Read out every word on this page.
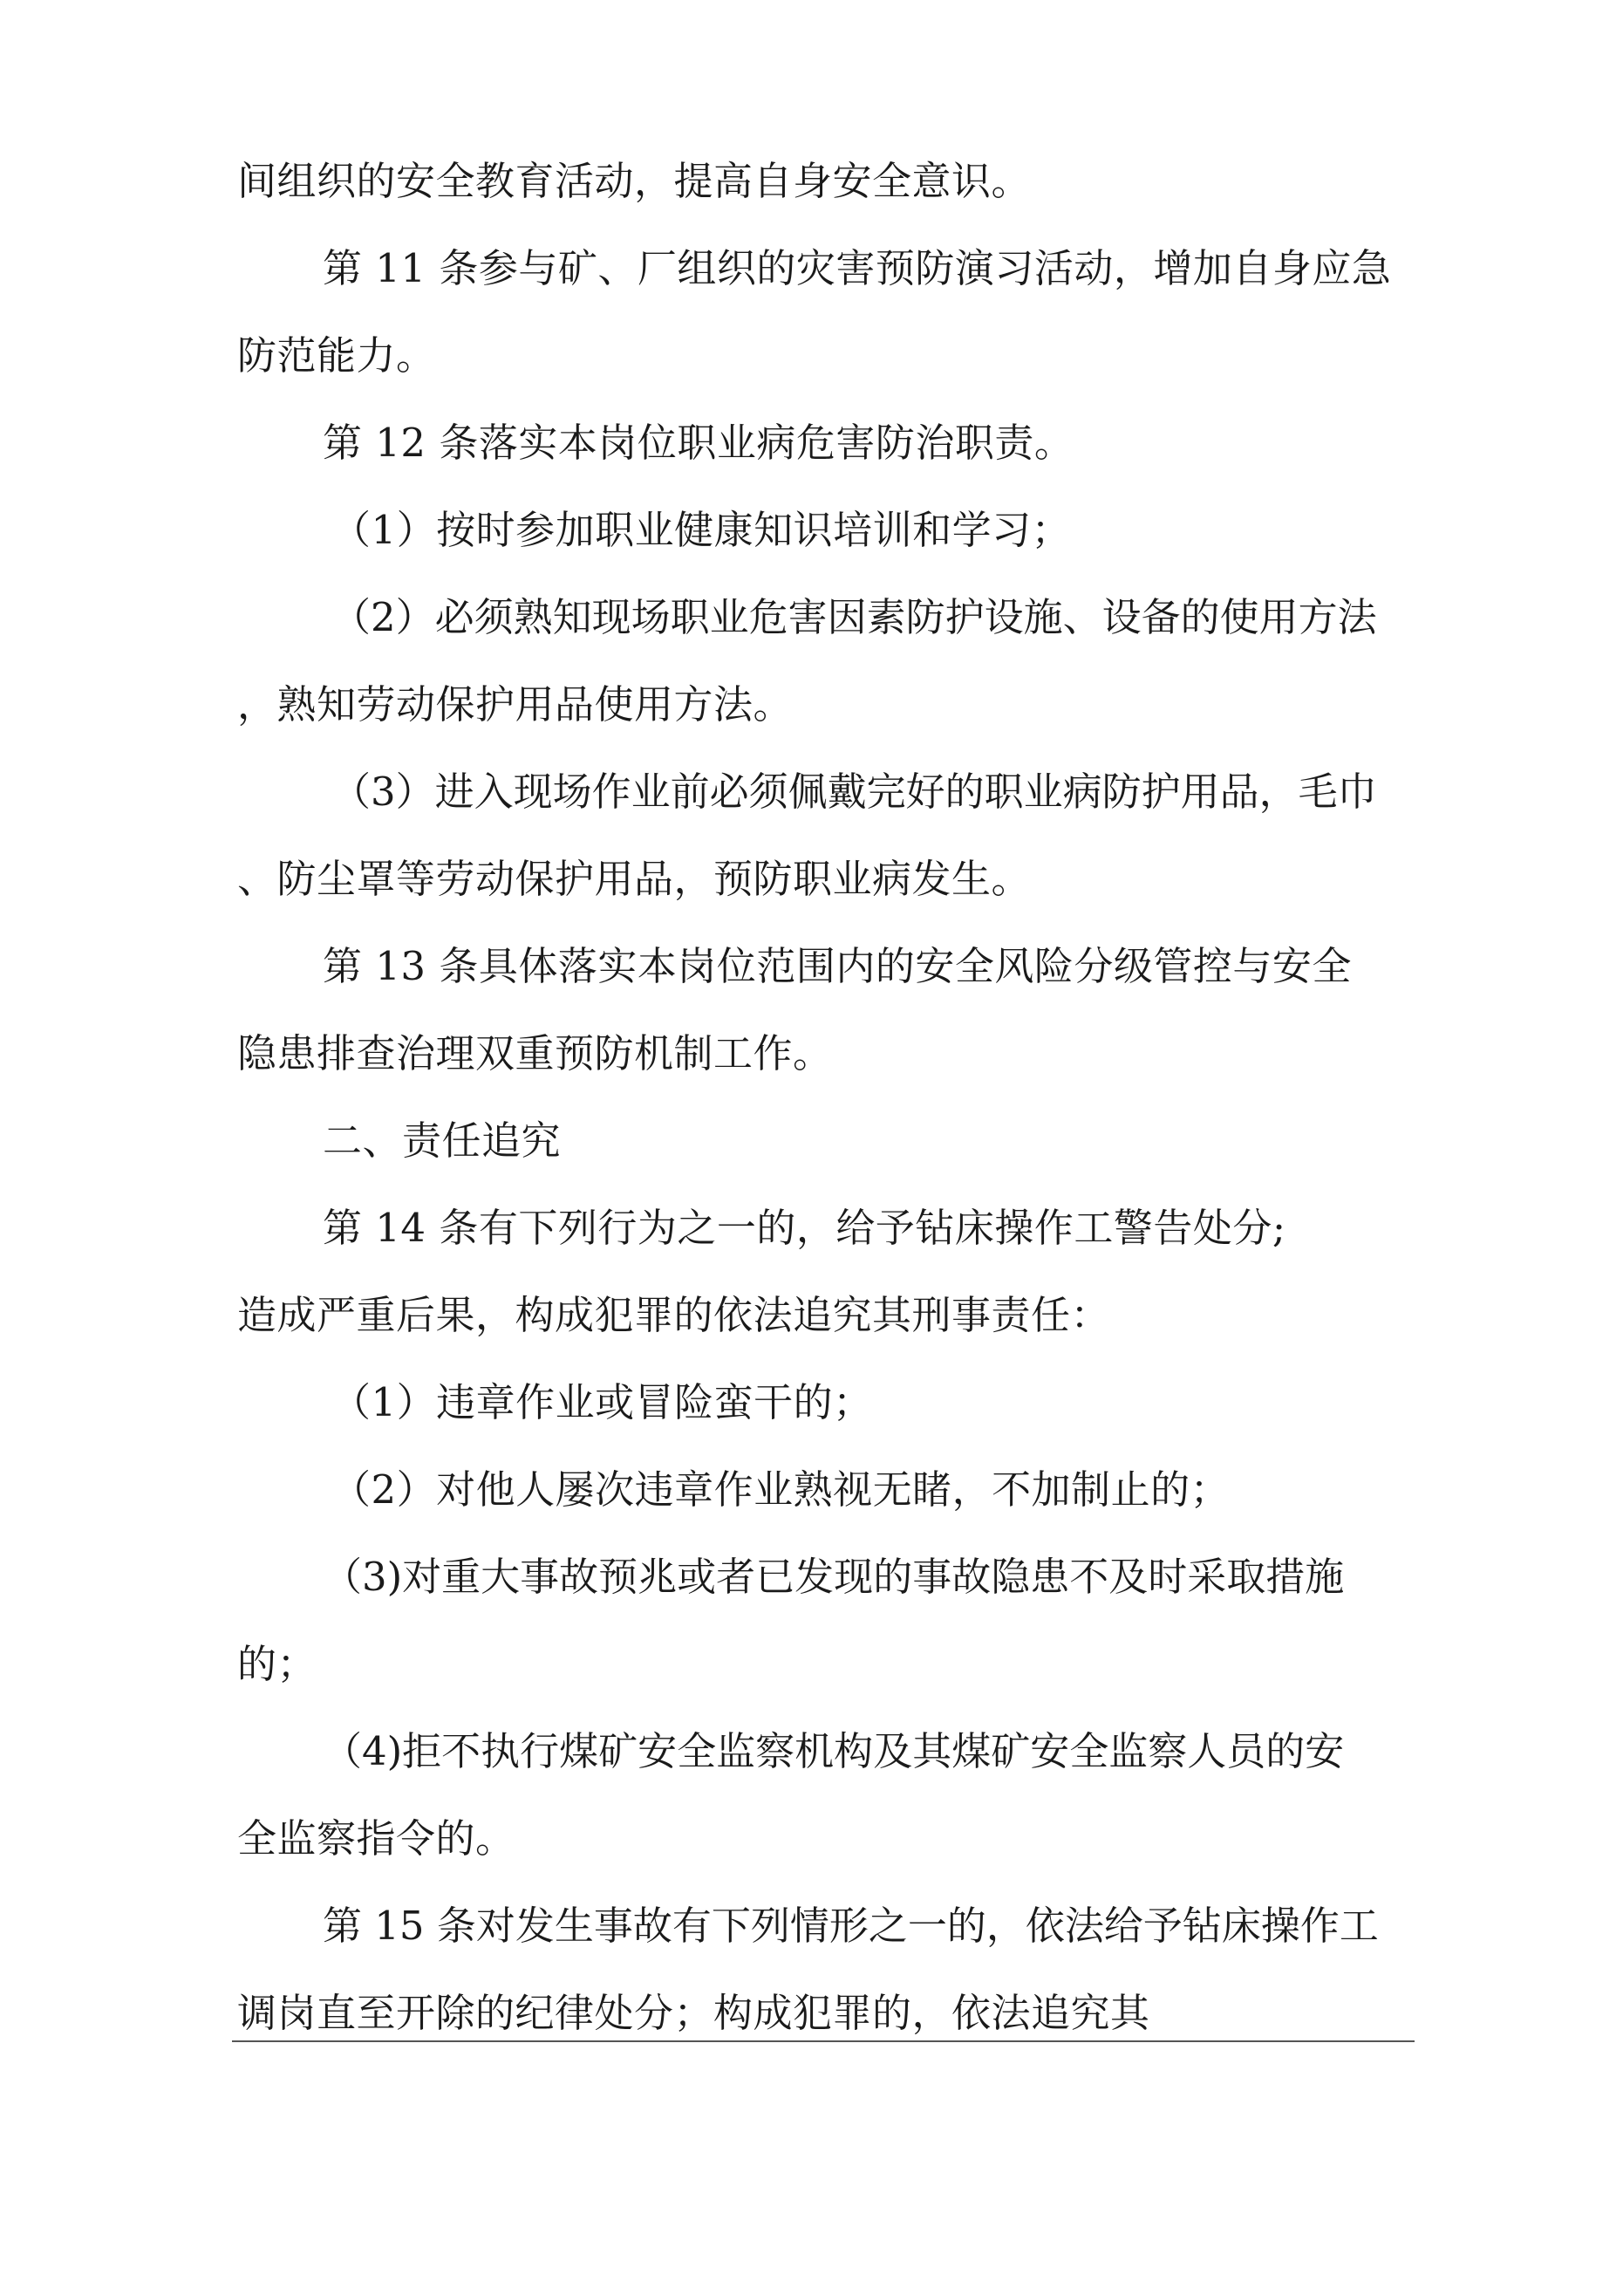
间组织的安全教育活动，提高自身安全意识。
第 11 条参与矿、厂组织的灾害预防演习活动，增加自身应急
防范能力。
第 12 条落实本岗位职业病危害防治职责。
（1）按时参加职业健康知识培训和学习；
（2）必须熟知现场职业危害因素防护设施、设备的使用方法
，熟知劳动保护用品使用方法。
（3）进入现场作业前必须佩戴完好的职业病防护用品，毛巾
、防尘罩等劳动保护用品，预防职业病发生。
第 13 条具体落实本岗位范围内的安全风险分级管控与安全
隐患排查治理双重预防机制工作。
二、责任追究
第 14 条有下列行为之一的，给予钻床操作工警告处分;
造成严重后果，构成犯罪的依法追究其刑事责任：
（1）违章作业或冒险蛮干的；
（2）对他人屡次违章作业熟视无睹，不加制止的；
（3)对重大事故预兆或者已发现的事故隐患不及时采取措施
的；
（4)拒不执行煤矿安全监察机构及其煤矿安全监察人员的安
全监察指令的。
第 15 条对发生事故有下列情形之一的，依法给予钻床操作工
调岗直至开除的纪律处分；构成犯罪的，依法追究其
